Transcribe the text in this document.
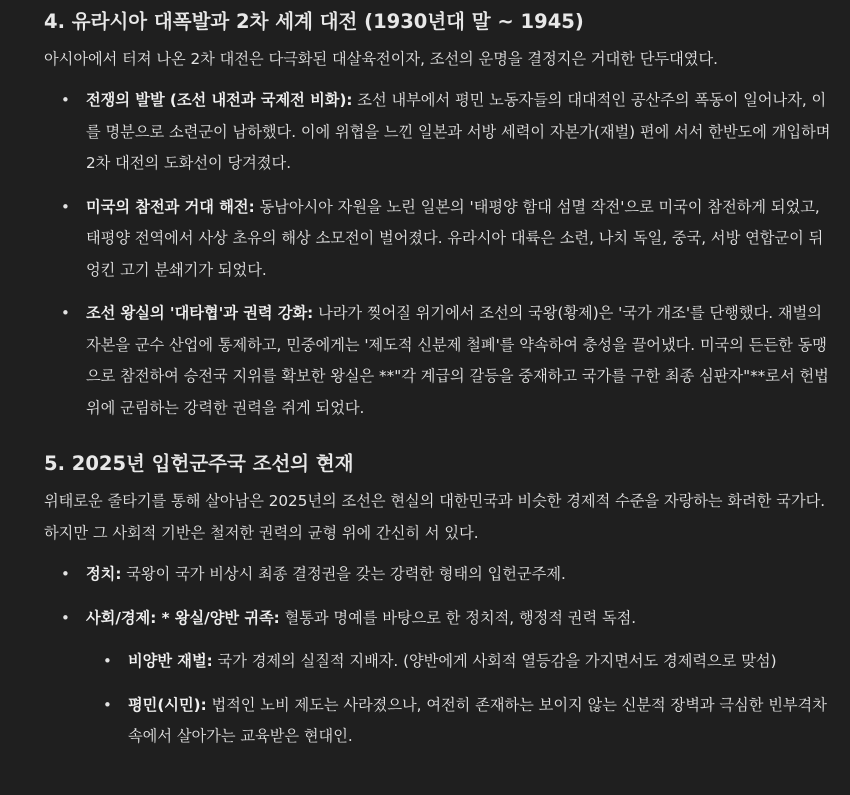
4. 유라시아 대폭발과 2차 세계 대전 (1930년대 말 ~ 1945)

아시아에서 터져 나온 2차 대전은 다극화된 대살육전이자, 조선의 운명을 결정지은 거대한 단두대였다.

• 전쟁의 발발 (조선 내전과 국제전 비화): 조선 내부에서 평민 노동자들의 대대적인 공산주의 폭동이 일어나자, 이를 명분으로 소련군이 남하했다. 이에 위협을 느낀 일본과 서방 세력이 자본가(재벌) 편에 서서 한반도에 개입하며 2차 대전의 도화선이 당겨졌다.
• 미국의 참전과 거대 해전: 동남아시아 자원을 노린 일본의 '태평양 함대 섬멸 작전'으로 미국이 참전하게 되었고, 태평양 전역에서 사상 초유의 해상 소모전이 벌어졌다. 유라시아 대륙은 소련, 나치 독일, 중국, 서방 연합군이 뒤엉킨 고기 분쇄기가 되었다.
• 조선 왕실의 '대타협'과 권력 강화: 나라가 찢어질 위기에서 조선의 국왕(황제)은 '국가 개조'를 단행했다. 재벌의 자본을 군수 산업에 통제하고, 민중에게는 '제도적 신분제 철폐'를 약속하여 충성을 끌어냈다. 미국의 든든한 동맹으로 참전하여 승전국 지위를 확보한 왕실은 **"각 계급의 갈등을 중재하고 국가를 구한 최종 심판자"**로서 헌법 위에 군림하는 강력한 권력을 쥐게 되었다.
5. 2025년 입헌군주국 조선의 현재

위태로운 줄타기를 통해 살아남은 2025년의 조선은 현실의 대한민국과 비슷한 경제적 수준을 자랑하는 화려한 국가다. 하지만 그 사회적 기반은 철저한 권력의 균형 위에 간신히 서 있다.

• 정치: 국왕이 국가 비상시 최종 결정권을 갖는 강력한 형태의 입헌군주제.
• 사회/경제: * 왕실/양반 귀족: 혈통과 명예를 바탕으로 한 정치적, 행정적 권력 독점.
• 비양반 재벌: 국가 경제의 실질적 지배자. (양반에게 사회적 열등감을 가지면서도 경제력으로 맞섬)
• 평민(시민): 법적인 노비 제도는 사라졌으나, 여전히 존재하는 보이지 않는 신분적 장벽과 극심한 빈부격차 속에서 살아가는 교육받은 현대인.
